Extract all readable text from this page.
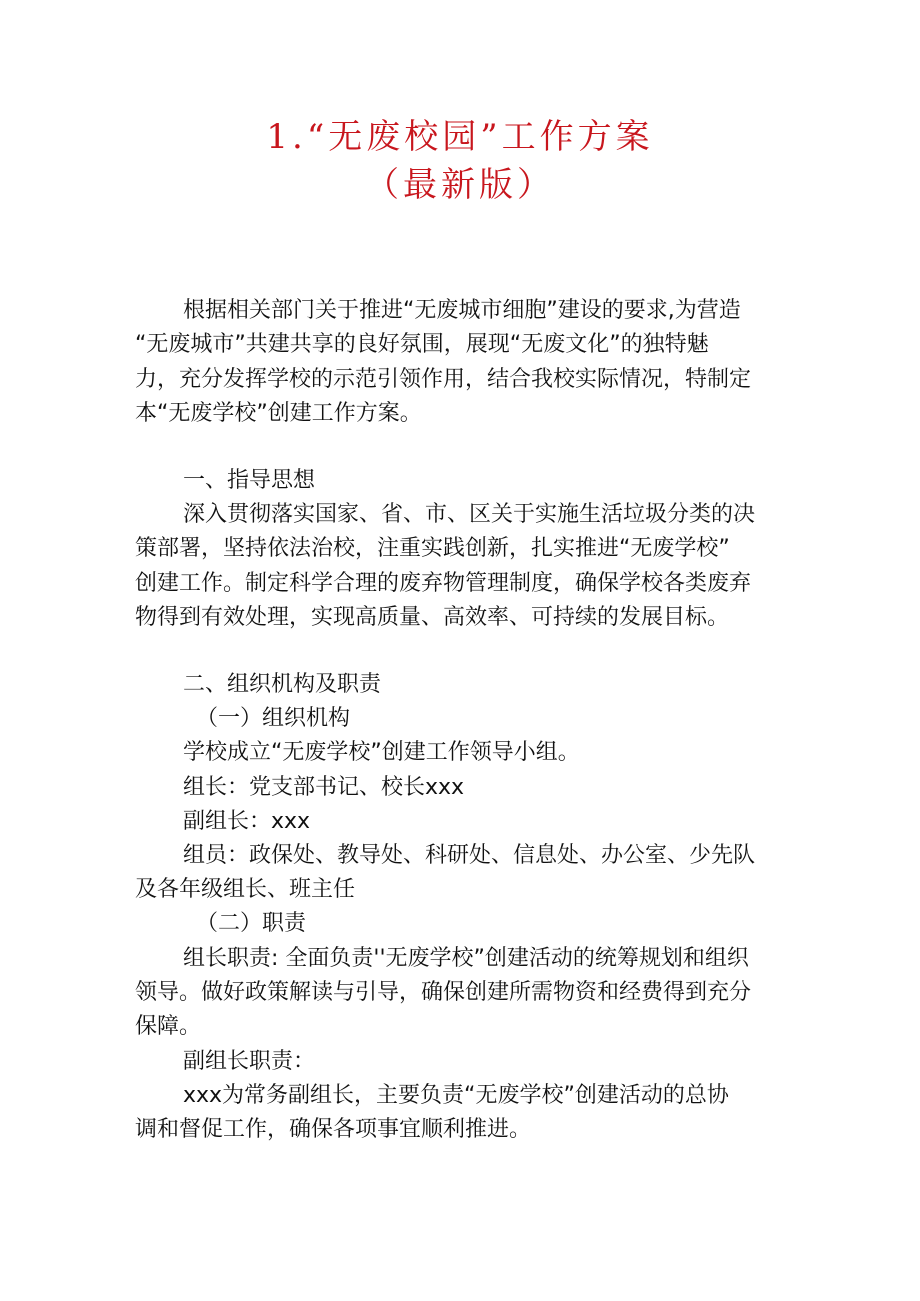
1.“无废校园”工作方案
（最新版）
根据相关部门关于推进“无废城市细胞”建设的要求,为营造
“无废城市”共建共享的良好氛围，展现“无废文化”的独特魅
力，充分发挥学校的示范引领作用，结合我校实际情况，特制定
本“无废学校”创建工作方案。
一、指导思想
深入贯彻落实国家、省、市、区关于实施生活垃圾分类的决
策部署，坚持依法治校，注重实践创新，扎实推进“无废学校”
创建工作。制定科学合理的废弃物管理制度，确保学校各类废弃
物得到有效处理，实现高质量、高效率、可持续的发展目标。
二、组织机构及职责
（一）组织机构
学校成立“无废学校”创建工作领导小组。
组长：党支部书记、校长xxx
副组长：xxx
组员：政保处、教导处、科研处、信息处、办公室、少先队
及各年级组长、班主任
（二）职责
组长职责: 全面负责''无废学校”创建活动的统筹规划和组织
领导。做好政策解读与引导，确保创建所需物资和经费得到充分
保障。
副组长职责：
xxx为常务副组长，主要负责“无废学校”创建活动的总协
调和督促工作，确保各项事宜顺利推进。
